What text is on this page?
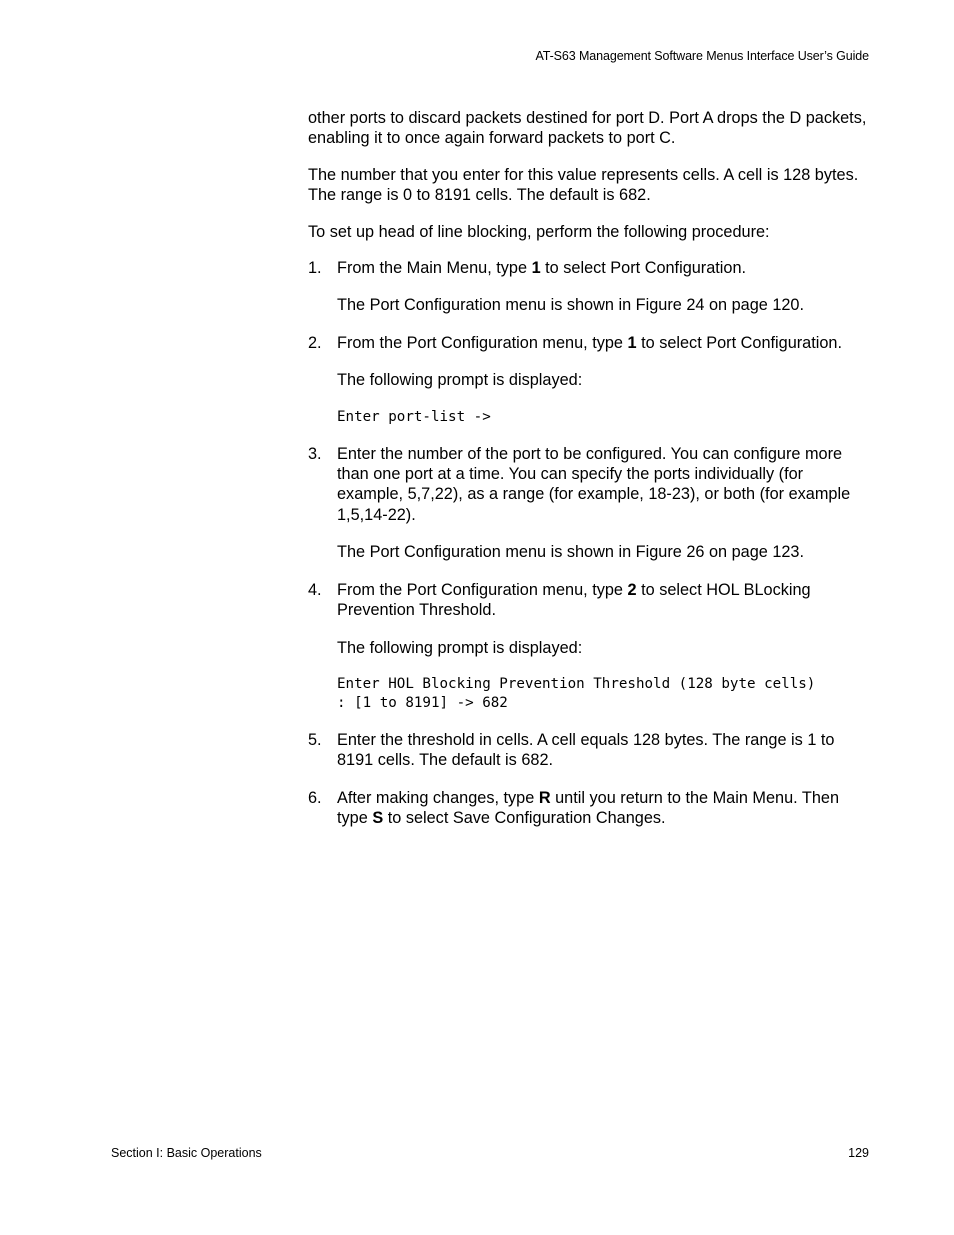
AT-S63 Management Software Menus Interface User’s Guide

other ports to discard packets destined for port D. Port A drops the D packets, enabling it to once again forward packets to port C.

The number that you enter for this value represents cells. A cell is 128 bytes. The range is 0 to 8191 cells. The default is 682.

To set up head of line blocking, perform the following procedure:

1. From the Main Menu, type 1 to select Port Configuration.

The Port Configuration menu is shown in Figure 24 on page 120.

2. From the Port Configuration menu, type 1 to select Port Configuration.

The following prompt is displayed:

Enter port-list ->

3. Enter the number of the port to be configured. You can configure more than one port at a time. You can specify the ports individually (for example, 5,7,22), as a range (for example, 18-23), or both (for example 1,5,14-22).

The Port Configuration menu is shown in Figure 26 on page 123.

4. From the Port Configuration menu, type 2 to select HOL BLocking Prevention Threshold.

The following prompt is displayed:

Enter HOL Blocking Prevention Threshold (128 byte cells)
: [1 to 8191] -> 682

5. Enter the threshold in cells. A cell equals 128 bytes. The range is 1 to 8191 cells. The default is 682.
6. After making changes, type R until you return to the Main Menu. Then type S to select Save Configuration Changes.
Section I: Basic Operations	129
